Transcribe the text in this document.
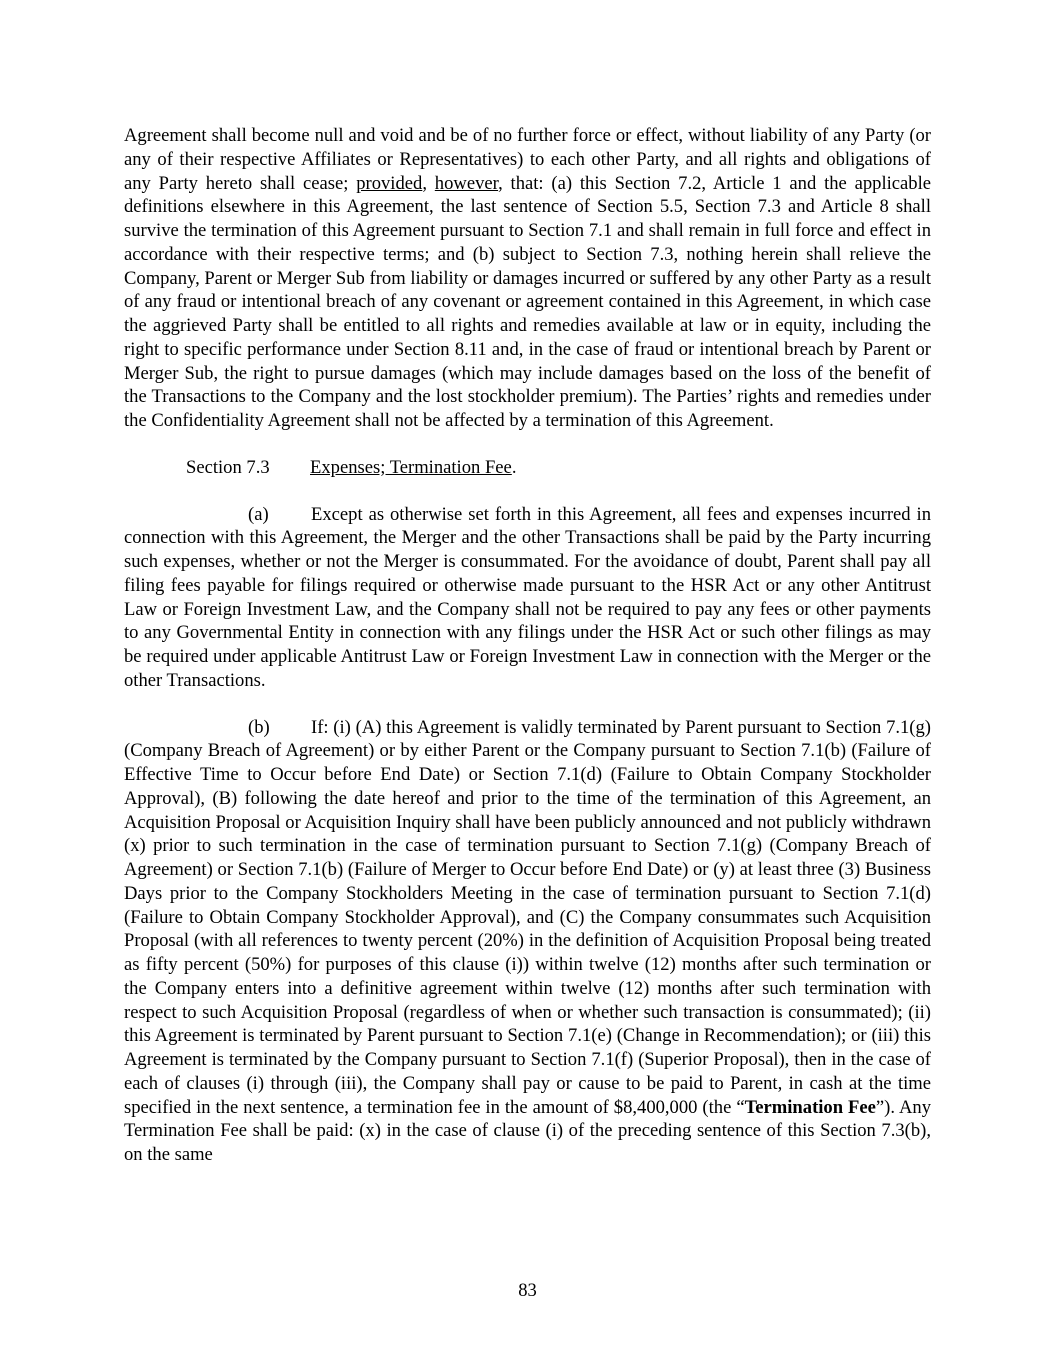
Agreement shall become null and void and be of no further force or effect, without liability of any Party (or any of their respective Affiliates or Representatives) to each other Party, and all rights and obligations of any Party hereto shall cease; provided, however, that: (a) this Section 7.2, Article 1 and the applicable definitions elsewhere in this Agreement, the last sentence of Section 5.5, Section 7.3 and Article 8 shall survive the termination of this Agreement pursuant to Section 7.1 and shall remain in full force and effect in accordance with their respective terms; and (b) subject to Section 7.3, nothing herein shall relieve the Company, Parent or Merger Sub from liability or damages incurred or suffered by any other Party as a result of any fraud or intentional breach of any covenant or agreement contained in this Agreement, in which case the aggrieved Party shall be entitled to all rights and remedies available at law or in equity, including the right to specific performance under Section 8.11 and, in the case of fraud or intentional breach by Parent or Merger Sub, the right to pursue damages (which may include damages based on the loss of the benefit of the Transactions to the Company and the lost stockholder premium). The Parties’ rights and remedies under the Confidentiality Agreement shall not be affected by a termination of this Agreement.

Section 7.3 Expenses; Termination Fee.

(a) Except as otherwise set forth in this Agreement, all fees and expenses incurred in connection with this Agreement, the Merger and the other Transactions shall be paid by the Party incurring such expenses, whether or not the Merger is consummated. For the avoidance of doubt, Parent shall pay all filing fees payable for filings required or otherwise made pursuant to the HSR Act or any other Antitrust Law or Foreign Investment Law, and the Company shall not be required to pay any fees or other payments to any Governmental Entity in connection with any filings under the HSR Act or such other filings as may be required under applicable Antitrust Law or Foreign Investment Law in connection with the Merger or the other Transactions.

(b) If: (i) (A) this Agreement is validly terminated by Parent pursuant to Section 7.1(g) (Company Breach of Agreement) or by either Parent or the Company pursuant to Section 7.1(b) (Failure of Effective Time to Occur before End Date) or Section 7.1(d) (Failure to Obtain Company Stockholder Approval), (B) following the date hereof and prior to the time of the termination of this Agreement, an Acquisition Proposal or Acquisition Inquiry shall have been publicly announced and not publicly withdrawn (x) prior to such termination in the case of termination pursuant to Section 7.1(g) (Company Breach of Agreement) or Section 7.1(b) (Failure of Merger to Occur before End Date) or (y) at least three (3) Business Days prior to the Company Stockholders Meeting in the case of termination pursuant to Section 7.1(d) (Failure to Obtain Company Stockholder Approval), and (C) the Company consummates such Acquisition Proposal (with all references to twenty percent (20%) in the definition of Acquisition Proposal being treated as fifty percent (50%) for purposes of this clause (i)) within twelve (12) months after such termination or the Company enters into a definitive agreement within twelve (12) months after such termination with respect to such Acquisition Proposal (regardless of when or whether such transaction is consummated); (ii) this Agreement is terminated by Parent pursuant to Section 7.1(e) (Change in Recommendation); or (iii) this Agreement is terminated by the Company pursuant to Section 7.1(f) (Superior Proposal), then in the case of each of clauses (i) through (iii), the Company shall pay or cause to be paid to Parent, in cash at the time specified in the next sentence, a termination fee in the amount of $8,400,000 (the “Termination Fee”). Any Termination Fee shall be paid: (x) in the case of clause (i) of the preceding sentence of this Section 7.3(b), on the same

83
